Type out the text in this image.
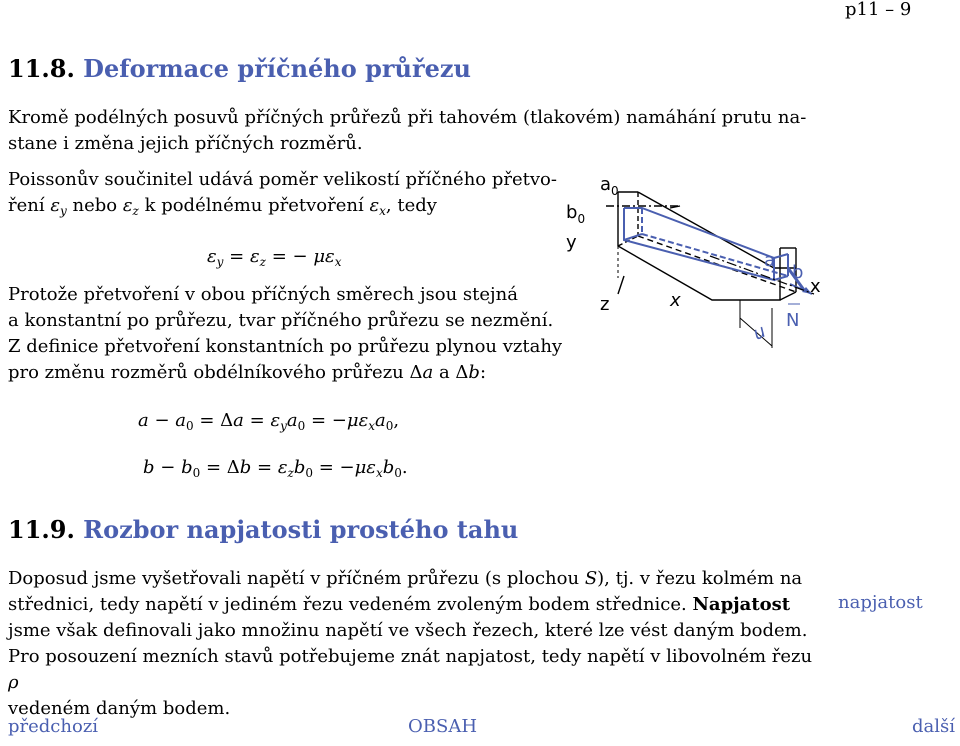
p11 – 9
11.8. Deformace příčného průřezu
Kromě podélných posuvů příčných průřezů při tahovém (tlakovém) namáhání prutu na-
stane i změna jejich příčných rozměrů.
Poissonův součinitel udává poměr velikostí příčného přetvo-
ření $\varepsilon_y$ nebo $\varepsilon_z$ k podélnému přetvoření $\varepsilon_x$, tedy
$\varepsilon_y = \varepsilon_z$ = − $\mu\varepsilon_x$
Protože přetvoření v obou příčných směrech jsou stejná
a konstantní po průřezu, tvar příčného průřezu se nezmění.
Z definice přetvoření konstantních po průřezu plynou vztahy
pro změnu rozměrů obdélníkového průřezu Δa a Δb:
$a - a_0 = \Delta a = \varepsilon_ya_0 = -\mu\varepsilon_xa_0$,
$b - b_0 = \Delta b = \varepsilon_zb_0 = -\mu\varepsilon_xb_0$.
11.9. Rozbor napjatosti prostého tahu
Doposud jsme vyšetřovali napětí v příčném průřezu (s plochou S), tj. v řezu kolmém na
střednici, tedy napětí v jediném řezu vedeném zvoleným bodem střednice. Napjatost
jsme však definovali jako množinu napětí ve všech řezech, které lze vést daným bodem.
Pro posouzení mezních stavů potřebujeme znát napjatost, tedy napětí v libovolném řezu ρ
vedeném daným bodem.
napjatost
předchozí	OBSAH	další
$a_0$
$b_0$
y
z	x
a
b
x
N
u
